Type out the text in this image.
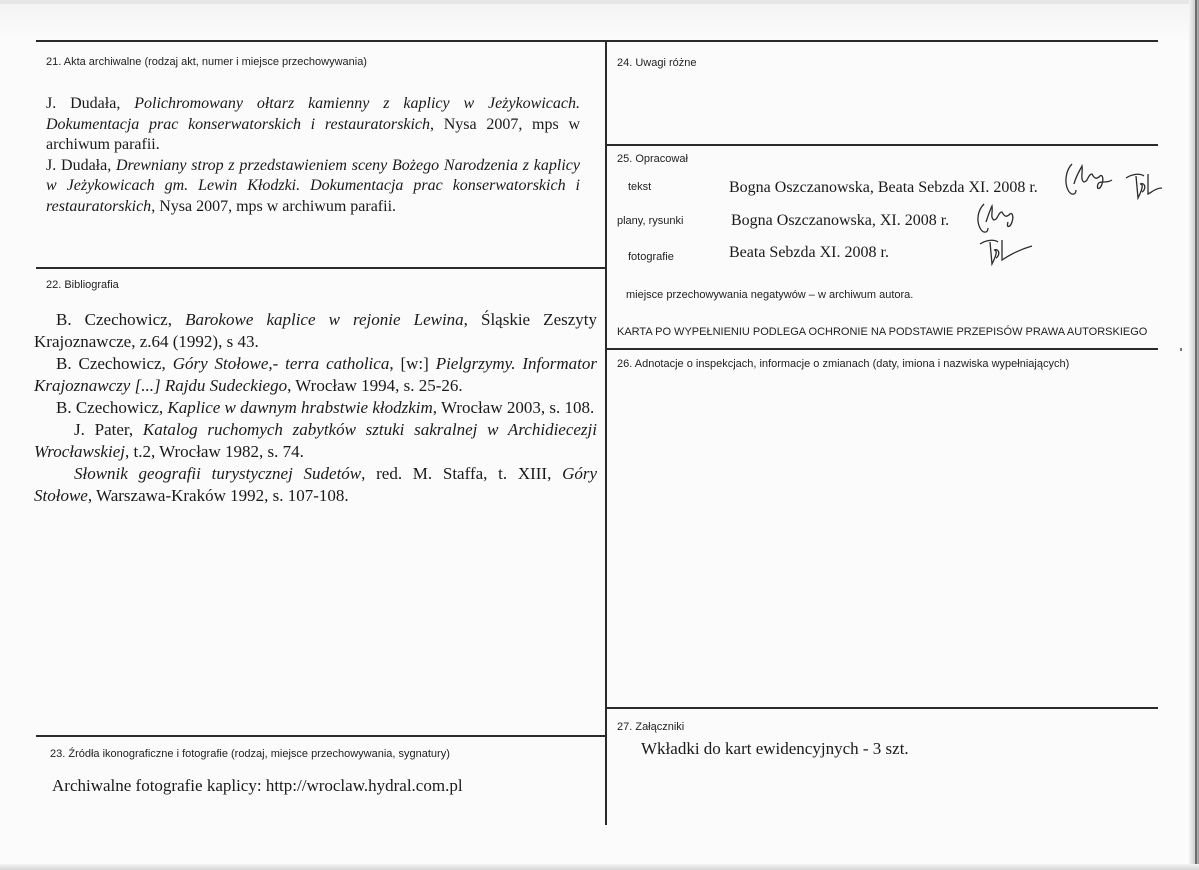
21. Akta archiwalne (rodzaj akt, numer i miejsce przechowywania)

J. Dudała, Polichromowany ołtarz kamienny z kaplicy w Jeżykowicach. Dokumentacja prac konserwatorskich i restauratorskich, Nysa 2007, mps w archiwum parafii.

J. Dudała, Drewniany strop z przedstawieniem sceny Bożego Narodzenia z kaplicy w Jeżykowicach gm. Lewin Kłodzki. Dokumentacja prac konserwatorskich i restauratorskich, Nysa 2007, mps w archiwum parafii.

22. Bibliografia

B. Czechowicz, Barokowe kaplice w rejonie Lewina, Śląskie Zeszyty Krajoznawcze, z.64 (1992), s 43.

B. Czechowicz, Góry Stołowe,- terra catholica, [w:] Pielgrzymy. Informator Krajoznawczy [...] Rajdu Sudeckiego, Wrocław 1994, s. 25-26.

B. Czechowicz, Kaplice w dawnym hrabstwie kłodzkim, Wrocław 2003, s. 108.

J. Pater, Katalog ruchomych zabytków sztuki sakralnej w Archidiecezji Wrocławskiej, t.2, Wrocław 1982, s. 74.

Słownik geografii turystycznej Sudetów, red. M. Staffa, t. XIII, Góry Stołowe, Warszawa-Kraków 1992, s. 107-108.

23. Źródła ikonograficzne i fotografie (rodzaj, miejsce przechowywania, sygnatury)
Archiwalne fotografie kaplicy: http://wroclaw.hydral.com.pl
24. Uwagi różne
25. Opracował
tekst	Bogna Oszczanowska, Beata Sebzda XI. 2008 r.
plany, rysunki	Bogna Oszczanowska, XI. 2008 r.
fotografie	Beata Sebzda XI. 2008 r.
miejsce przechowywania negatywów – w archiwum autora.
KARTA PO WYPEŁNIENIU PODLEGA OCHRONIE NA PODSTAWIE PRZEPISÓW PRAWA AUTORSKIEGO
26. Adnotacje o inspekcjach, informacje o zmianach (daty, imiona i nazwiska wypełniających)
27. Załączniki
Wkładki do kart ewidencyjnych - 3 szt.
